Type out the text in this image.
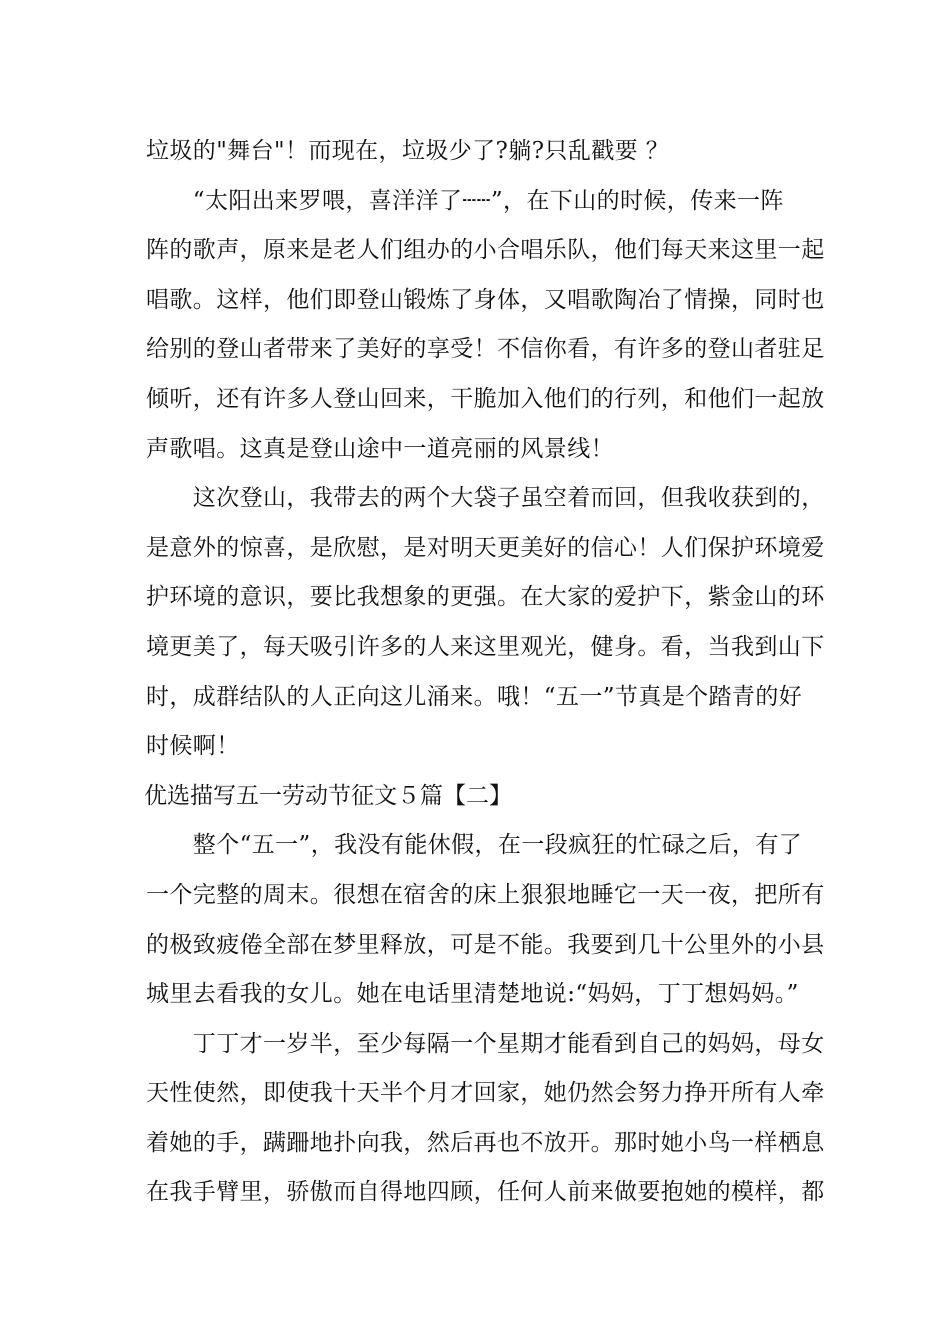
垃圾的"舞台"！而现在，垃圾少了?躺?只乱戳要 ？
　　“太阳出来罗喂，喜洋洋了┄┄”，在下山的时候，传来一阵
阵的歌声，原来是老人们组办的小合唱乐队，他们每天来这里一起
唱歌。这样，他们即登山锻炼了身体，又唱歌陶冶了情操，同时也
给别的登山者带来了美好的享受！不信你看，有许多的登山者驻足
倾听，还有许多人登山回来，干脆加入他们的行列，和他们一起放
声歌唱。这真是登山途中一道亮丽的风景线！
　　这次登山，我带去的两个大袋子虽空着而回，但我收获到的，
是意外的惊喜，是欣慰，是对明天更美好的信心！人们保护环境爱
护环境的意识，要比我想象的更强。在大家的爱护下，紫金山的环
境更美了，每天吸引许多的人来这里观光，健身。看，当我到山下
时，成群结队的人正向这儿涌来。哦！“五一”节真是个踏青的好
时候啊！
优选描写五一劳动节征文５篇【二】
　　整个“五一”，我没有能休假，在一段疯狂的忙碌之后，有了
一个完整的周末。很想在宿舍的床上狠狠地睡它一天一夜，把所有
的极致疲倦全部在梦里释放，可是不能。我要到几十公里外的小县
城里去看我的女儿。她在电话里清楚地说:“妈妈，丁丁想妈妈。”
　　丁丁才一岁半，至少每隔一个星期才能看到自己的妈妈，母女
天性使然，即使我十天半个月才回家，她仍然会努力挣开所有人牵
着她的手，蹒跚地扑向我，然后再也不放开。那时她小鸟一样栖息
在我手臂里，骄傲而自得地四顾，任何人前来做要抱她的模样，都
